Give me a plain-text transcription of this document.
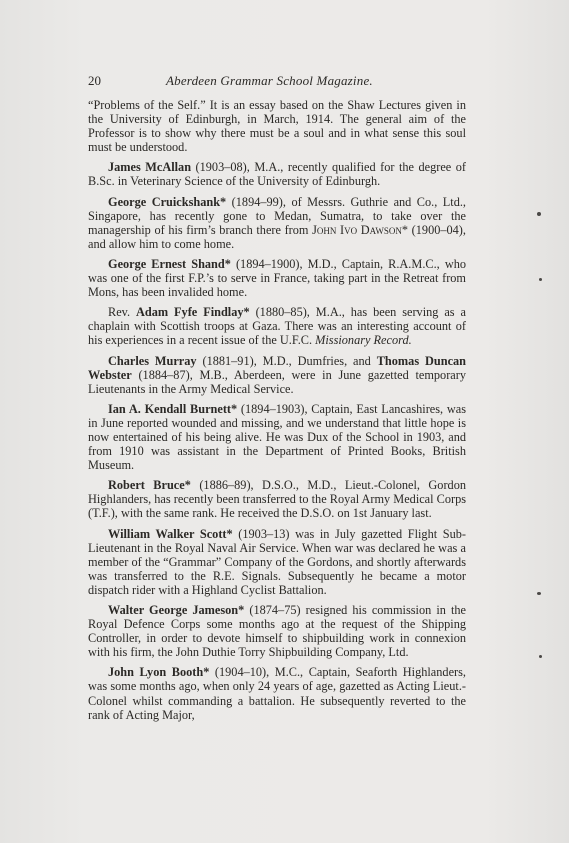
20	Aberdeen Grammar School Magazine.

“Problems of the Self.” It is an essay based on the Shaw Lectures given in the University of Edinburgh, in March, 1914. The general aim of the Professor is to show why there must be a soul and in what sense this soul must be understood.

James McAllan (1903–08), M.A., recently qualified for the degree of B.Sc. in Veterinary Science of the University of Edinburgh.

George Cruickshank* (1894–99), of Messrs. Guthrie and Co., Ltd., Singapore, has recently gone to Medan, Sumatra, to take over the managership of his firm’s branch there from John Ivo Dawson* (1900–04), and allow him to come home.

George Ernest Shand* (1894–1900), M.D., Captain, R.A.M.C., who was one of the first F.P.’s to serve in France, taking part in the Retreat from Mons, has been invalided home.

Rev. Adam Fyfe Findlay* (1880–85), M.A., has been serving as a chaplain with Scottish troops at Gaza. There was an interesting account of his experiences in a recent issue of the U.F.C. Missionary Record.

Charles Murray (1881–91), M.D., Dumfries, and Thomas Duncan Webster (1884–87), M.B., Aberdeen, were in June gazetted temporary Lieutenants in the Army Medical Service.

Ian A. Kendall Burnett* (1894–1903), Captain, East Lancashires, was in June reported wounded and missing, and we understand that little hope is now entertained of his being alive. He was Dux of the School in 1903, and from 1910 was assistant in the Department of Printed Books, British Museum.

Robert Bruce* (1886–89), D.S.O., M.D., Lieut.-Colonel, Gordon Highlanders, has recently been transferred to the Royal Army Medical Corps (T.F.), with the same rank. He received the D.S.O. on 1st January last.

William Walker Scott* (1903–13) was in July gazetted Flight Sub-Lieutenant in the Royal Naval Air Service. When war was declared he was a member of the “Grammar” Company of the Gordons, and shortly afterwards was transferred to the R.E. Signals. Subsequently he became a motor dispatch rider with a Highland Cyclist Battalion.

Walter George Jameson* (1874–75) resigned his commission in the Royal Defence Corps some months ago at the request of the Shipping Controller, in order to devote himself to shipbuilding work in connexion with his firm, the John Duthie Torry Shipbuilding Company, Ltd.

John Lyon Booth* (1904–10), M.C., Captain, Seaforth Highlanders, was some months ago, when only 24 years of age, gazetted as Acting Lieut.-Colonel whilst commanding a battalion. He subsequently reverted to the rank of Acting Major,
